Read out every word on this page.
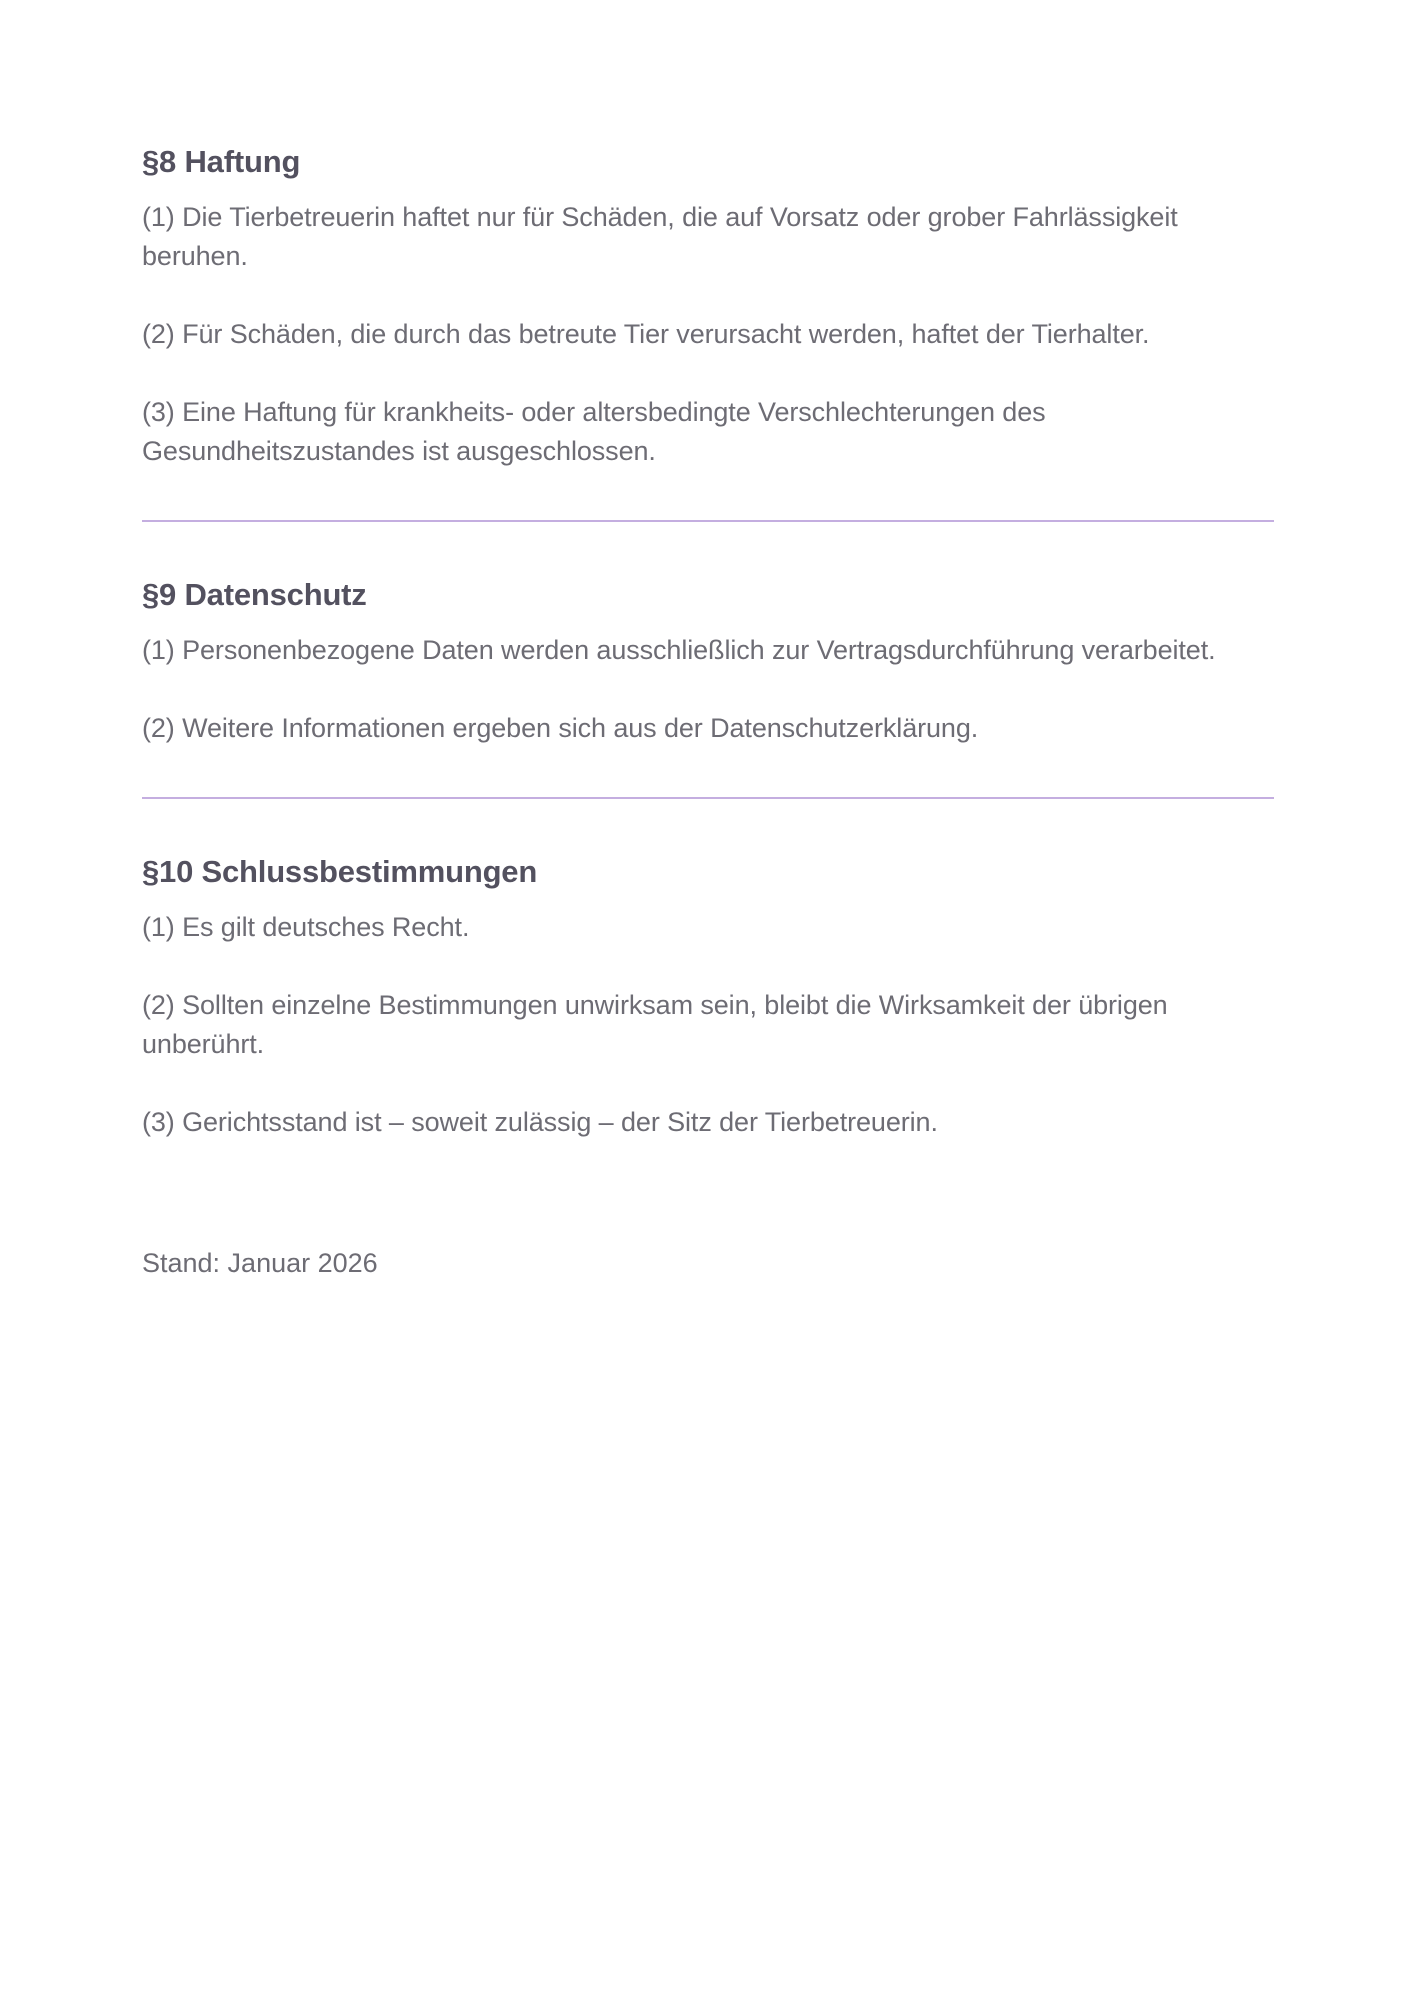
§8 Haftung

(1) Die Tierbetreuerin haftet nur für Schäden, die auf Vorsatz oder grober Fahrlässigkeit beruhen.

(2) Für Schäden, die durch das betreute Tier verursacht werden, haftet der Tierhalter.

(3) Eine Haftung für krankheits- oder altersbedingte Verschlechterungen des Gesundheitszustandes ist ausgeschlossen.

§9 Datenschutz

(1) Personenbezogene Daten werden ausschließlich zur Vertragsdurchführung verarbeitet.

(2) Weitere Informationen ergeben sich aus der Datenschutzerklärung.

§10 Schlussbestimmungen

(1) Es gilt deutsches Recht.

(2) Sollten einzelne Bestimmungen unwirksam sein, bleibt die Wirksamkeit der übrigen unberührt.

(3) Gerichtsstand ist – soweit zulässig – der Sitz der Tierbetreuerin.

Stand: Januar 2026
